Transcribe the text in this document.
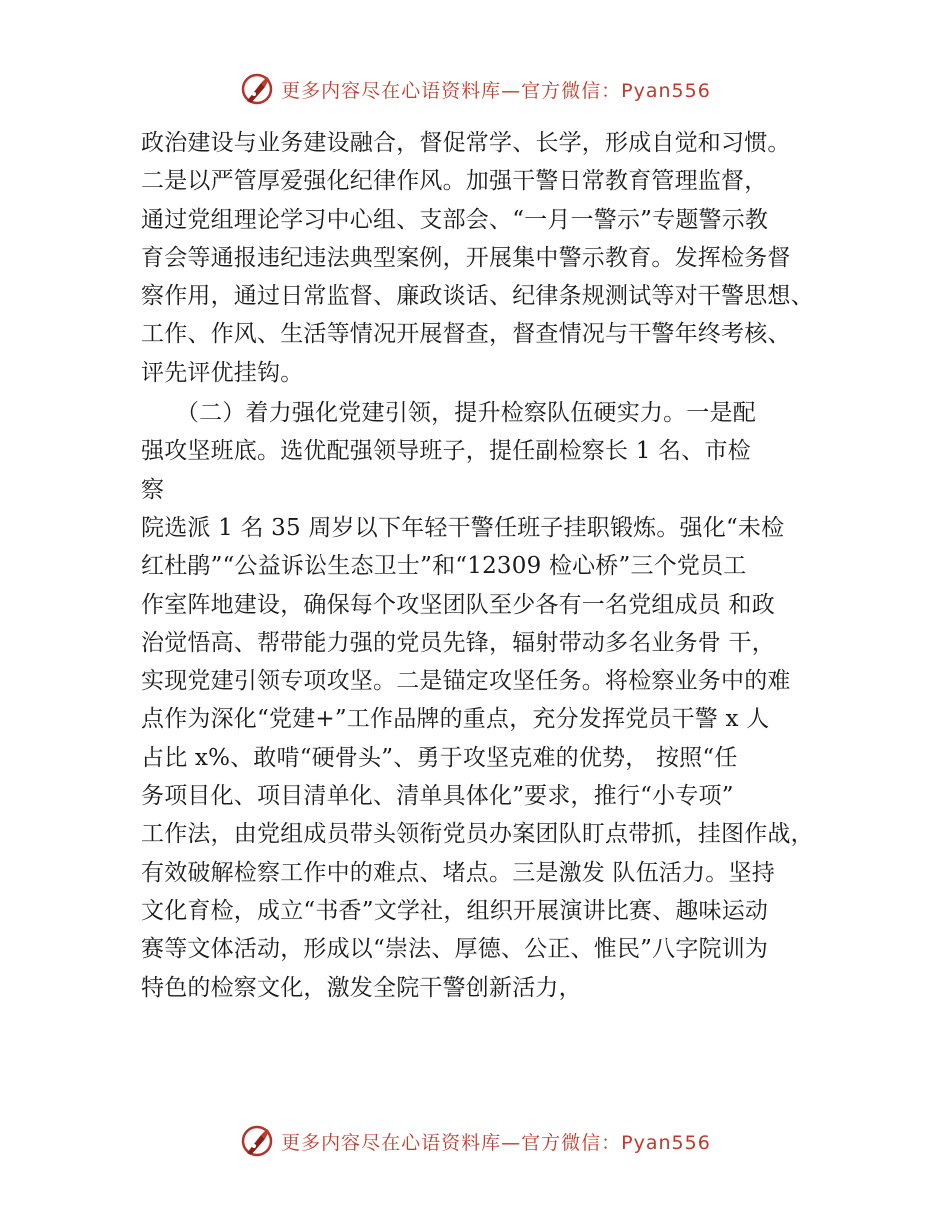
更多内容尽在心语资料库—官方微信：Pyan556
政治建设与业务建设融合，督促常学、长学，形成自觉和习惯。
二是以严管厚爱强化纪律作风。加强干警日常教育管理监督，
通过党组理论学习中心组、支部会、“一月一警示”专题警示教
育会等通报违纪违法典型案例，开展集中警示教育。发挥检务督
察作用，通过日常监督、廉政谈话、纪律条规测试等对干警思想、
工作、作风、生活等情况开展督查，督查情况与干警年终考核、
评先评优挂钩。
　　（二）着力强化党建引领，提升检察队伍硬实力。一是配
强攻坚班底。选优配强领导班子，提任副检察长 1 名、市检
察
院选派 1 名 35 周岁以下年轻干警任班子挂职锻炼。强化“未检
红杜鹃”“公益诉讼生态卫士”和“12309 检心桥”三个党员工
作室阵地建设，确保每个攻坚团队至少各有一名党组成员 和政
治觉悟高、帮带能力强的党员先锋，辐射带动多名业务骨 干，
实现党建引领专项攻坚。二是锚定攻坚任务。将检察业务中的难
点作为深化“党建+”工作品牌的重点，充分发挥党员干警 x 人
占比 x%、敢啃“硬骨头”、勇于攻坚克难的优势， 按照“任
务项目化、项目清单化、清单具体化”要求，推行“小专项”
工作法，由党组成员带头领衔党员办案团队盯点带抓，挂图作战，
有效破解检察工作中的难点、堵点。三是激发 队伍活力。坚持
文化育检，成立“书香”文学社，组织开展演讲比赛、趣味运动
赛等文体活动，形成以“崇法、厚德、公正、惟民”八字院训为
特色的检察文化，激发全院干警创新活力，
更多内容尽在心语资料库—官方微信：Pyan556
